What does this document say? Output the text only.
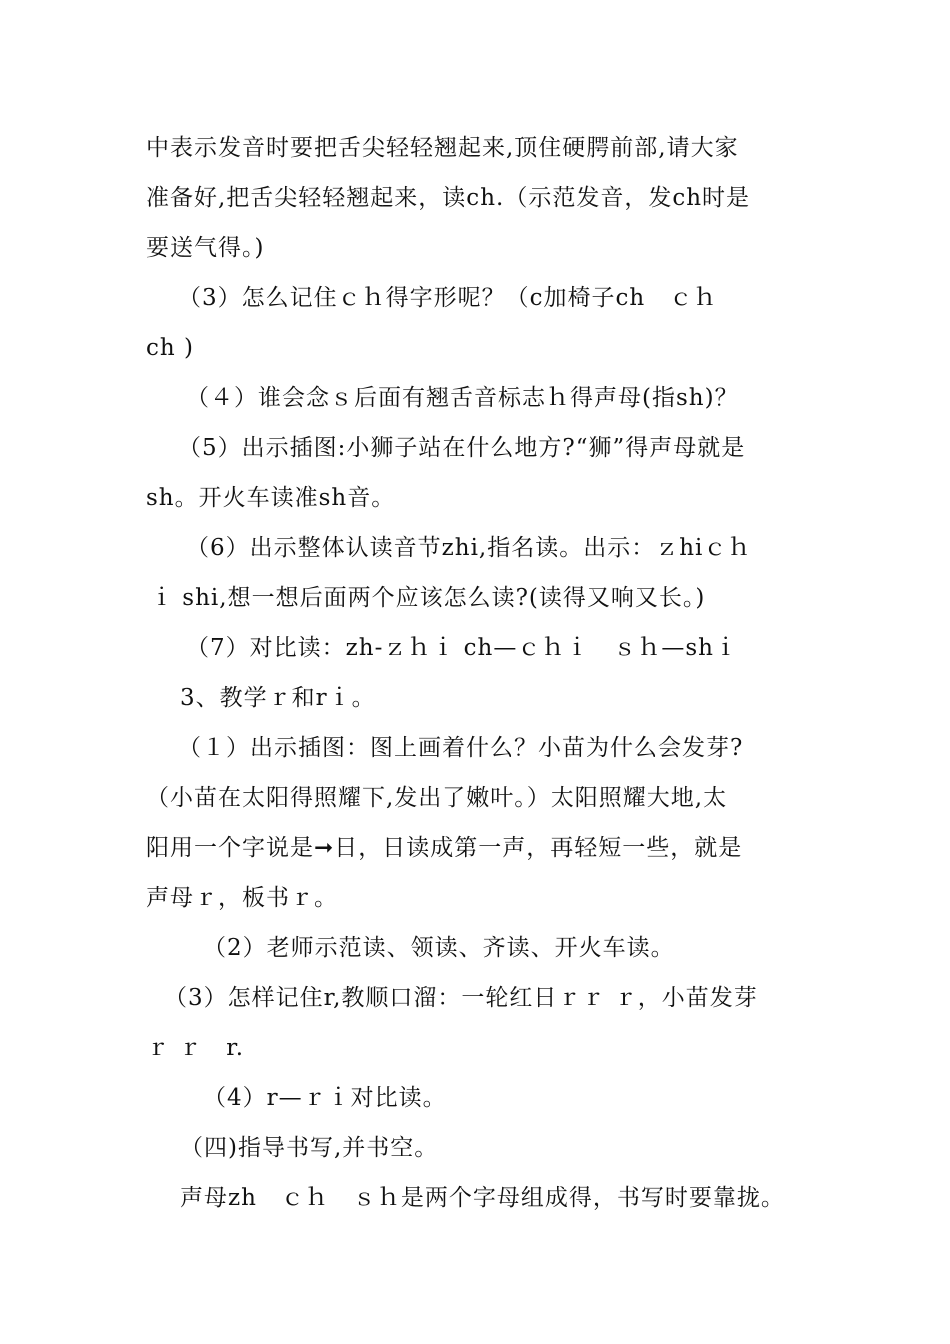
中表示发音时要把舌尖轻轻翘起来,顶住硬腭前部,请大家
准备好,把舌尖轻轻翘起来，读ch.（示范发音，发ch时是
要送气得。)
（3）怎么记住ｃｈ得字形呢？（c加椅子ch　ｃｈ
ch )
（４）谁会念ｓ后面有翘舌音标志ｈ得声母(指sh)？
（5）出示插图:小狮子站在什么地方?“狮”得声母就是
sh。开火车读准sh音。
（6）出示整体认读音节zhi,指名读。出示：ｚhiｃｈ
ｉ shi,想一想后面两个应该怎么读?(读得又响又长。)
（7）对比读：zh-ｚｈｉ ch—ｃｈｉ　ｓｈ—shｉ
3、教学ｒ和rｉ。
（１）出示插图：图上画着什么？小苗为什么会发芽?
（小苗在太阳得照耀下,发出了嫩叶。）太阳照耀大地,太
阳用一个字说是➞日，日读成第一声，再轻短一些，就是
声母ｒ，板书ｒ。
（2）老师示范读、领读、齐读、开火车读。
（3）怎样记住r,教顺口溜：一轮红日ｒｒ ｒ，小苗发芽
ｒ ｒ　r.
（4）r—ｒｉ对比读。
（四)指导书写,并书空。
声母zh　ｃｈ　ｓｈ是两个字母组成得，书写时要靠拢。
